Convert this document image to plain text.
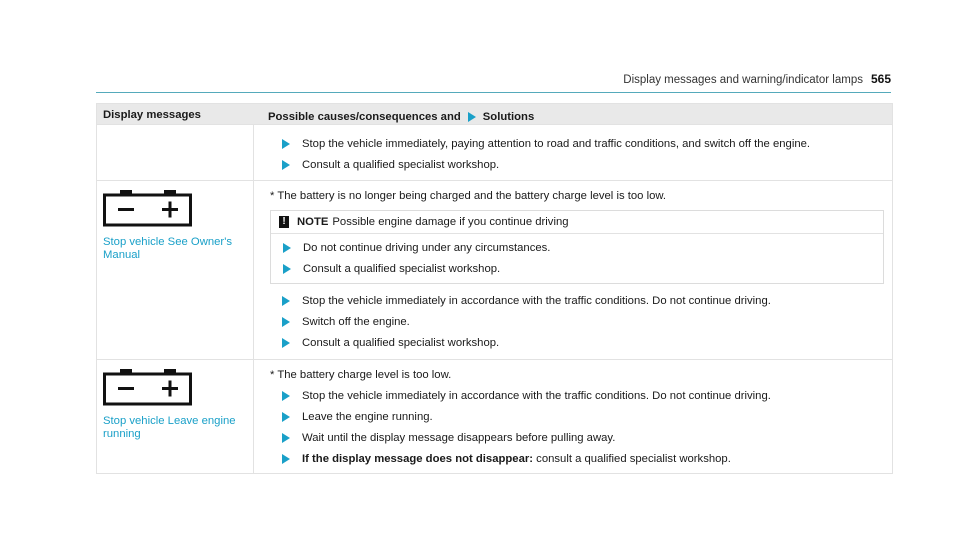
Display messages and warning/indicator lamps 565
Display messages	Possible causes/consequences and Solutions
Stop the vehicle immediately, paying attention to road and traffic conditions, and switch off the engine.
Consult a qualified specialist workshop.
Stop vehicle See Owner's Manual
* The battery is no longer being charged and the battery charge level is too low.
! NOTE Possible engine damage if you continue driving
Do not continue driving under any circumstances.
Consult a qualified specialist workshop.
Stop the vehicle immediately in accordance with the traffic conditions. Do not continue driving.
Switch off the engine.
Consult a qualified specialist workshop.
Stop vehicle Leave engine running
* The battery charge level is too low.
Stop the vehicle immediately in accordance with the traffic conditions. Do not continue driving.
Leave the engine running.
Wait until the display message disappears before pulling away.
If the display message does not disappear: consult a qualified specialist workshop.
